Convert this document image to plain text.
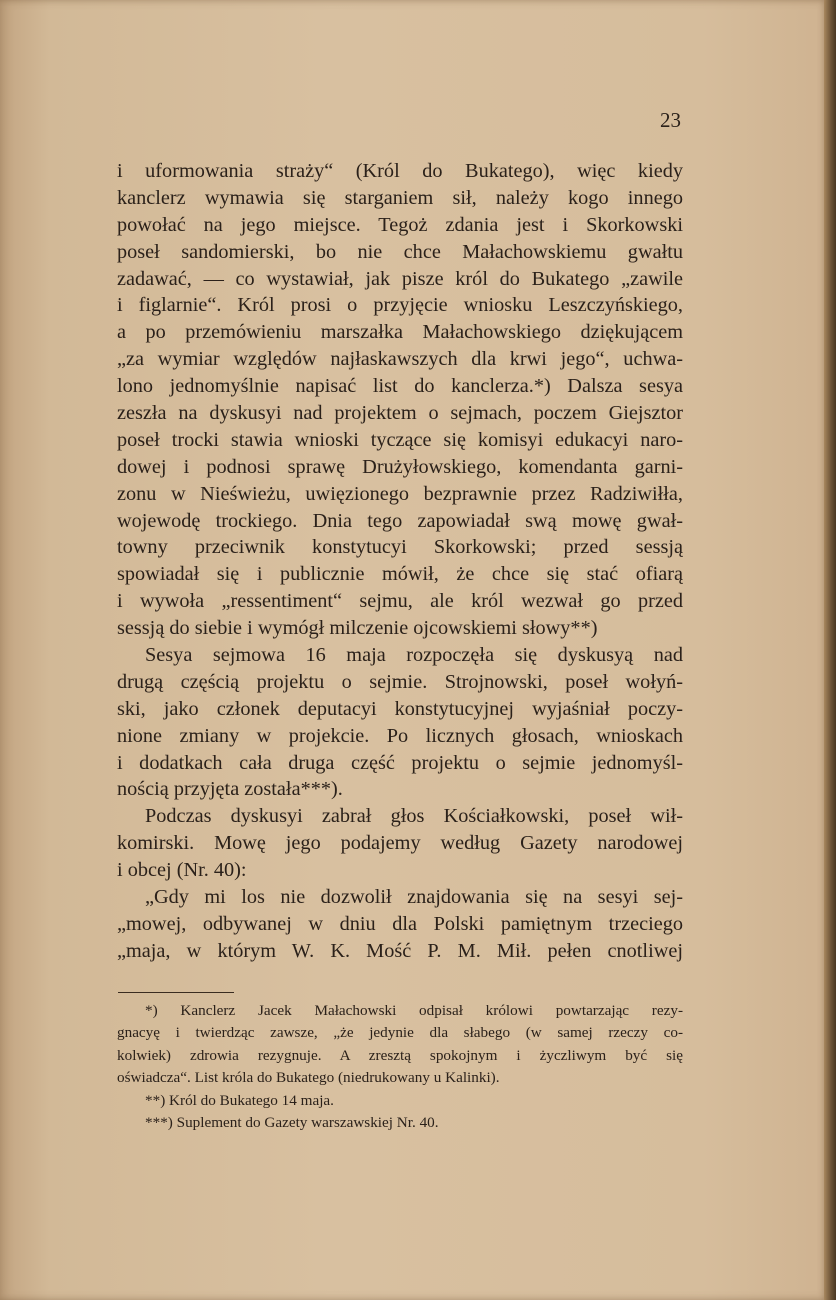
23
i uformowania straży“ (Król do Bukatego), więc kiedy
kanclerz wymawia się starganiem sił, należy kogo innego
powołać na jego miejsce. Tegoż zdania jest i Skorkowski
poseł sandomierski, bo nie chce Małachowskiemu gwałtu
zadawać, — co wystawiał, jak pisze król do Bukatego „zawile
i figlarnie“. Król prosi o przyjęcie wniosku Leszczyńskiego,
a po przemówieniu marszałka Małachowskiego dziękującem
„za wymiar względów najłaskawszych dla krwi jego“, uchwa-
lono jednomyślnie napisać list do kanclerza.*) Dalsza sesya
zeszła na dyskusyi nad projektem o sejmach, poczem Giejsztor
poseł trocki stawia wnioski tyczące się komisyi edukacyi naro-
dowej i podnosi sprawę Drużyłowskiego, komendanta garni-
zonu w Nieświeżu, uwięzionego bezprawnie przez Radziwiłła,
wojewodę trockiego. Dnia tego zapowiadał swą mowę gwał-
towny przeciwnik konstytucyi Skorkowski; przed sessją
spowiadał się i publicznie mówił, że chce się stać ofiarą
i wywoła „ressentiment“ sejmu, ale król wezwał go przed
sessją do siebie i wymógł milczenie ojcowskiemi słowy**)
Sesya sejmowa 16 maja rozpoczęła się dyskusyą nad
drugą częścią projektu o sejmie. Strojnowski, poseł wołyń-
ski, jako członek deputacyi konstytucyjnej wyjaśniał poczy-
nione zmiany w projekcie. Po licznych głosach, wnioskach
i dodatkach cała druga część projektu o sejmie jednomyśl-
nością przyjęta została***).
Podczas dyskusyi zabrał głos Kościałkowski, poseł wił-
komirski. Mowę jego podajemy według Gazety narodowej
i obcej (Nr. 40):
„Gdy mi los nie dozwolił znajdowania się na sesyi sej-
„mowej, odbywanej w dniu dla Polski pamiętnym trzeciego
„maja, w którym W. K. Mość P. M. Mił. pełen cnotliwej
*) Kanclerz Jacek Małachowski odpisał królowi powtarzając rezy-
gnacyę i twierdząc zawsze, „że jedynie dla słabego (w samej rzeczy co-
kolwiek) zdrowia rezygnuje. A zresztą spokojnym i życzliwym być się
oświadcza“. List króla do Bukatego (niedrukowany u Kalinki).
**) Król do Bukatego 14 maja.
***) Suplement do Gazety warszawskiej Nr. 40.
